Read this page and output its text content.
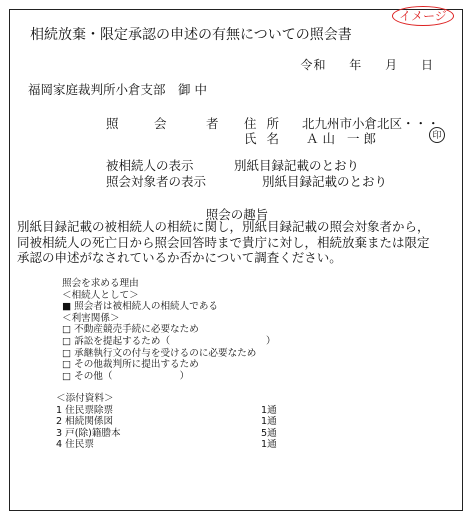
イメージ
相続放棄・限定承認の申述の有無についての照会書
令和 年 月 日
福岡家庭裁判所小倉支部　御 中
照	会	者 住 所 北九州市小倉北区・・・
氏 名 Ａ山 一郎	印
被相続人の表示	別紙目録記載のとおり
照会対象者の表示	別紙目録記載のとおり
照会の趣旨
別紙目録記載の被相続人の相続に関し，別紙目録記載の照会対象者から，
同被相続人の死亡日から照会回答時まで貴庁に対し，相続放棄または限定
承認の申述がなされているか否かについて調査ください。
照会を求める理由
＜相続人として＞
■ 照会者は被相続人の相続人である
＜利害関係＞
□ 不動産競売手続に必要なため
□ 訴訟を提起するため（　　　　　　　　　　）
□ 承継執行文の付与を受けるのに必要なため
□ その他裁判所に提出するため
□ その他（　　　　　　　）
＜添付資料＞
1 住民票除票	1通
2 相続関係図	1通
3 戸(除)籍謄本	5通
4 住民票	1通
